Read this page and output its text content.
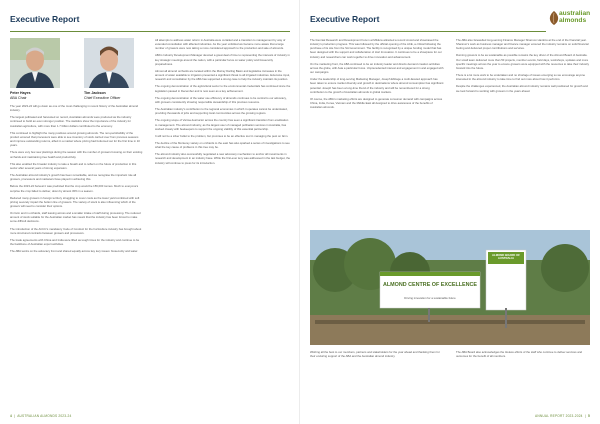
Executive Report
Peter Hayes
ABA Chair
Tim Jackson
Chief Executive Officer

The year 2023-24 will go down as one of the most challenging in recent history of the Australian almond industry.

The largest pollinated and harvested on record, Australian almonds were produced as the industry continued to build an even stronger position. The statistics show the importance of the industry for Australian agriculture, with more than 1.7 billion dollars contributed to the economy.

This continued to highlight the many positives around growing almonds. The non-perishability of the product ensured that processors were able to see inventory of stock carried over from previous seasons and improve outstanding returns, albeit in a market where pricing had bottomed out for the first time in 10 years.

There were very few new plantings during the season with the number of growers focusing on their existing orchards and maintaining tree health and productivity.

This also enabled the broader industry to take a breath and to reflect on the future of production in this sector after several years of strong expansion.

The Australian almond industry's growth has been remarkable, and we recognise the important role all growers, processors and marketers have played in achieving this.

Before the 2023-24 harvest it was predicted that the crop would be 156,000 tonnes. Much to everyone's surprise the crop failed to deliver, down by almost 30% in a season.

Reduced many growers in foreign territory struggling to cover costs as the lower yield combined with soft pricing severely impact the bottom line of growers. The variety of stock is also influencing which of the growers will need to consider their options.

On farm and in orchards, staff leaving across and a smaller intake of staff during processing. The reduced amount of stock suitable for the Australian market has meant that the industry has been forced to make some difficult decisions.

The introduction of the ACCC's mandatory Code of Conduct for the horticulture industry has brought about more structured contracts between growers and processors.

The trade agreements with China and India were lifted as tough times for the industry and continue to be the backbone of Australian export activities.

The ABA works on the advocacy front and shared equally across key levy issues: biosecurity and water.

All attempts to address water reform in Australia were curtailed and a transition to management by way of extended consultation with affected industries. As the year unfolded we became more aware that a large number of growers were now taking a more considered approach to the production and sale of almonds.

ABA's Industry Development Manager devoted a great deal of time to representing the interests of industry in key strategic meetings around the nation, with a particular focus on water policy and biosecurity preparedness.

Almost all almond orchards are located within the Murray Darling Basin and legislative increases in the amount of water available to irrigators presented a significant threat to all irrigated industries. Extensive input, research and consultation by the ABA has supported a strong case to help the industry maintain its position.

The ongoing demonstration of the agricultural sector to the environmental credentials has continued since the legislation passed in December and is now seen as a key achievement.

The ongoing demonstration of the water use efficiency of almonds continues to be central to our advocacy, with growers consistently showing responsible stewardship of this precious resource.

The Australian industry's contribution to the regional economies in which it operates cannot be understated, providing thousands of jobs and supporting local communities across the growing regions.

The ongoing scope of Varroa destructor across the country has seen a significant transition from eradication to management. The almond industry, as the largest user of managed pollination services in Australia, has worked closely with beekeepers to support the ongoing viability of this essential partnership.

It will not be a silver bullet to the problem, but promises to be an effective tool in managing the pest on farm.

The decline of the Monterey variety on orchards to the east has also sparked a series of investigations to see what the key cause of problems in this tree may be.

The almond industry also successfully negotiated a new advocacy mechanism to anchor all investments in research and development in an industry base. While the first-ever levy was addressed in the last budget, the industry will continue to press for its introduction.

4  |  AUSTRALIAN ALMONDS 2023-24
Executive Report

The biennial Research and Development Forum at Mildura attracted a record crowd and showcased the industry's production progress. This was followed by the official opening of the ACE, a critical following the purchase of its site from the SA Government. The facility is recognised by a unique funding model that has been designed with the support and collaboration of Hort Innovation. It continues to be a showpiece for our industry and researchers can work together to drive innovation and advancement.

On the marketing front, the ABA continued to be an industry leader and directs demand creation activities across the globe, with Asia a particular focus. Unprecedented interest and engagement in and engaged with our campaigns.

Under the leadership of long-serving Marketing Manager, Joseph Ebbage a multi-faceted approach has been taken to ensure market diversity and growth in destinations where almond consumption has significant potential. Joseph has been a long-time friend of the industry and will be remembered for a strong contribution to the growth of Australian almonds in global markets.

Of course, the ABA's marketing efforts are designed to generate consumer demand with campaigns across China, India, Korea, Vietnam and the Middle East all designed to drive awareness of the benefits of Australian almonds.

The ABA also farewelled long-serving Finance Manager Shannon Hankins at the end of the financial year. Shannon's work as business manager and finance manager ensured the industry remains on solid financial footing and delivered proper contributions and services.

Running growers to be as sustainable as possible remains the key driver of the Almond Board of Australia. Our small team delivered more than 50 projects, member events, field days, workshops, updates and more specific meetings across the year to ensure growers were equipped with the resources to take their industry forward into the future.

There is a lot more work to be undertaken and no shortage of issues emerging so we encourage anyone interested in the almond industry to take time to find out more about how it performs.

Despite the challenges experienced, the Australian almond industry remains well positioned for growth and we look forward to working with growers in the years ahead.

ALMOND CENTRE OF EXCELLENCE
Driving innovation for a sustainable future
ALMOND BOARD OF AUSTRALIA

Wishing all the best to our members, partners and stakeholders for the year ahead and thanking them for their enduring support of the ABA and the Australian almond industry.

The ABA Board also acknowledges the tireless efforts of the staff who continue to deliver services and outcomes for the benefit of all members.

ANNUAL REPORT 2023-2024  |  5
australian
almonds
